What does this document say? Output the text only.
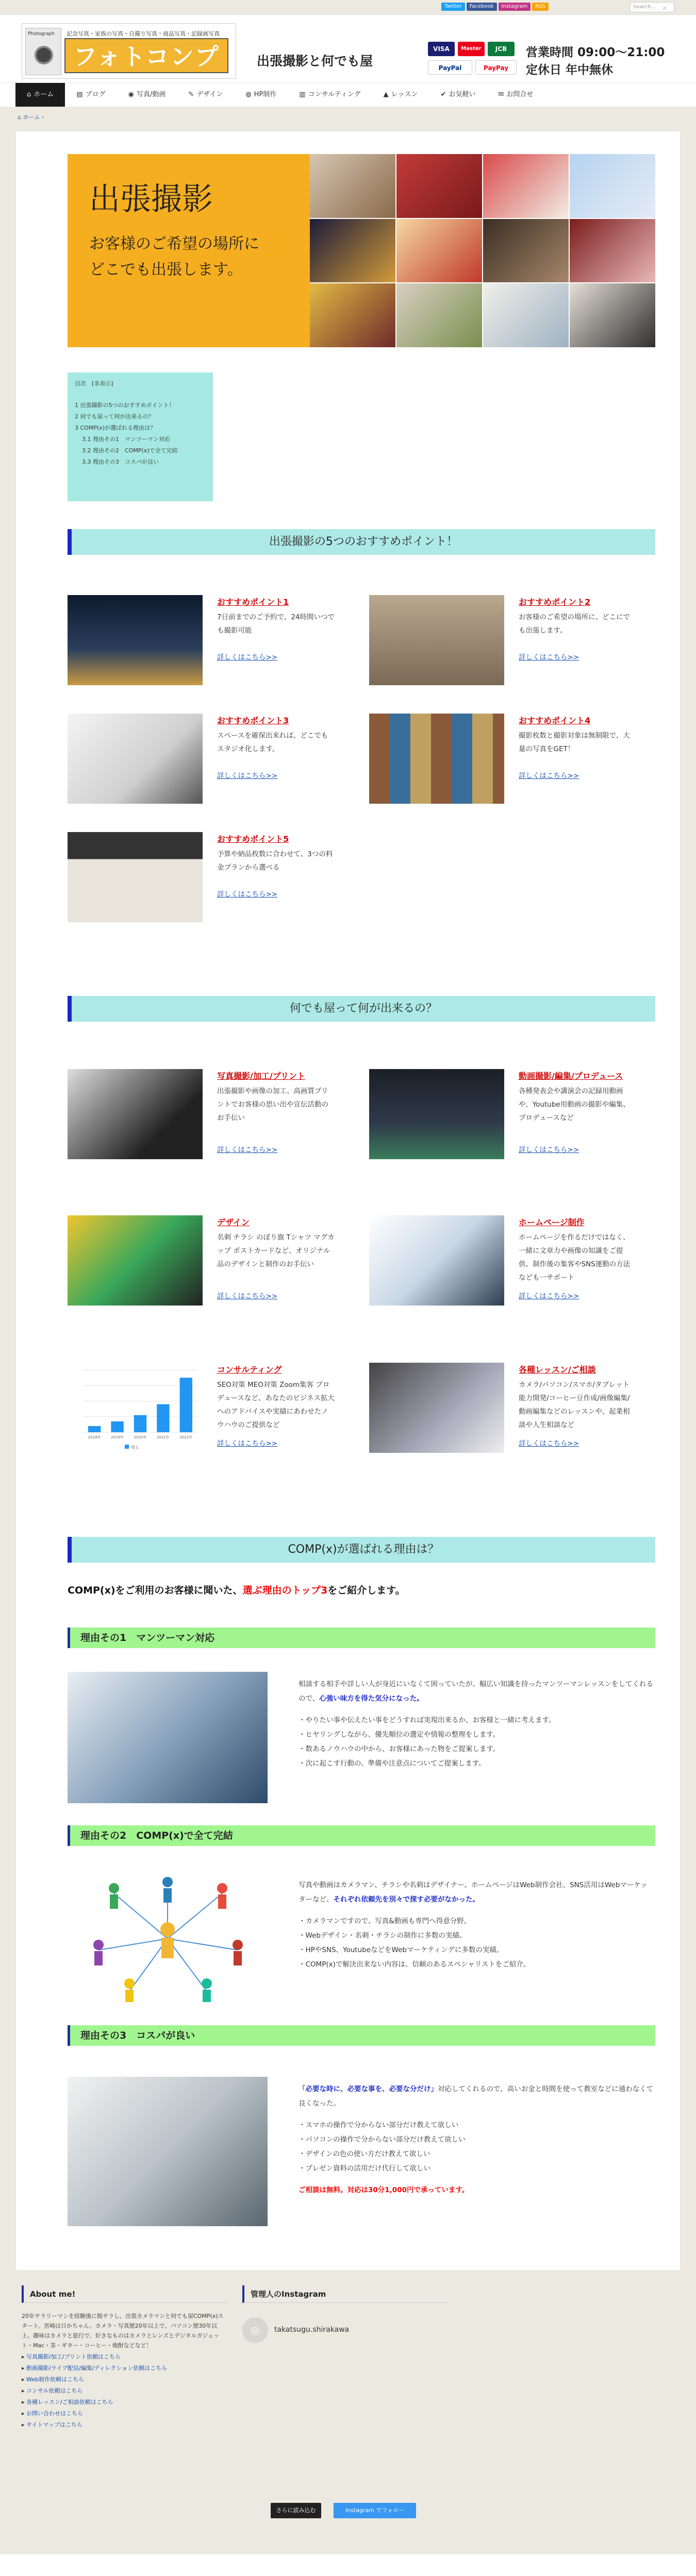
Twitter	Facebook	Instagram	RSS	Search...	⌕
Photograph 記念写真・家族の写真・自撮り写真・商品写真・記録画写真
フォトコンプ	出張撮影と何でも屋
VISA	Master	JCB
PayPal	PayPay
営業時間 09:00～21:00
定休日 年中無休
⌂ ホーム	▤ ブログ	◉ 写真/動画	✎ デザイン	◍ HP制作	▥ コンサルティング	▲ レッスン	✔ お気軽い	✉ お問合せ
⌂ ホーム ›
出張撮影
お客様のご希望の場所に
どこでも出張します。
目次　[非表示]
1 出張撮影の5つのおすすめポイント！
2 何でも屋って何が出来るの？
3 COMP(x)が選ばれる理由は？
3.1 理由その1　マンツーマン対応
3.2 理由その2　COMP(x)で全て完結
3.3 理由その3　コスパが良い
出張撮影の5つのおすすめポイント！
おすすめポイント1
7日前までのご予約で、24時間いつでも撮影可能
詳しくはこちら>>
おすすめポイント2
お客様のご希望の場所に、どこにでも出張します。
詳しくはこちら>>
おすすめポイント3
スペースを確保出来れば、どこでもスタジオ化します。
詳しくはこちら>>
おすすめポイント4
撮影枚数と撮影対象は無制限で、大量の写真をGET！
詳しくはこちら>>
おすすめポイント5
予算や納品枚数に合わせて、3つの料金プランから選べる
詳しくはこちら>>
何でも屋って何が出来るの？
写真撮影/加工/プリント
出張撮影や画像の加工、高画質プリントでお客様の思い出や宣伝活動のお手伝い
詳しくはこちら>>
動画撮影/編集/プロデュース
各種発表会や講演会の記録用動画や、Youtube用動画の撮影や編集、プロデュースなど
詳しくはこちら>>
デザイン
名刺 チラシ のぼり旗 Tシャツ マグカップ ポストカードなど、オリジナル品のデザインと制作のお手伝い
詳しくはこちら>>
ホームページ制作
ホームページを作るだけではなく、一緒に文章力や画像の知識をご提供、制作後の集客やSNS運動の方法なども一サポート
詳しくはこちら>>
2018年	2019年	2020年	2021年	2022年
売上
コンサルティング
SEO対策 MEO対策 Zoom集客 プロデュースなど、あなたのビジネス拡大へのアドバイスや実績にあわせたノウハウのご提供など
詳しくはこちら>>
各種レッスン/ご相談
カメラ/パソコン/スマホ/タブレット能力開発/コーヒー豆作成/画像編集/動画編集などのレッスンや、起業相談や人生相談など
詳しくはこちら>>
COMP(x)が選ばれる理由は？
COMP(x)をご利用のお客様に聞いた、選ぶ理由のトップ3をご紹介します。
理由その1　マンツーマン対応

相談する相手や詳しい人が身近にいなくて困っていたが、幅広い知識を持ったマンツーマンレッスンをしてくれるので、心強い味方を得た気分になった。

・やりたい事や伝えたい事をどうすれば実現出来るか、お客様と一緒に考えます。

・ヒヤリングしながら、優先順位の選定や情報の整理をします。

・数あるノウハウの中から、お客様にあった物をご提案します。

・次に起こす行動の、準備や注意点についてご提案します。

理由その2　COMP(x)で全て完結

写真や動画はカメラマン、チラシや名刺はデザイナー、ホームページはWeb制作会社、SNS活用はWebマーケッターなど、それぞれ依頼先を別々で探す必要がなかった。

・カメラマンですので、写真&動画も専門へ得意分野。

・Webデザイン・名刺・チラシの制作に多数の実績。

・HPやSNS、YoutubeなどをWebマーケティングに多数の実績。

・COMP(x)で解決出来ない内容は、信頼のあるスペシャリストをご紹介。

理由その3　コスパが良い

「必要な時に、必要な事を、必要な分だけ」対応してくれるので、高いお金と時間を使って教室などに通わなくて良くなった。

・スマホの操作で分からない部分だけ教えて欲しい

・パソコンの操作で分からない部分だけ教えて欲しい

・デザインの色の使い方だけ教えて欲しい

・プレゼン資料の活用だけ代行して欲しい

ご相談は無料。対応は30分1,000円で承っています。

About me!
20年サラリーマンを経験後に脱サラし、出張カメラマンと何でも屋COMP(x)スタート。宮崎は日かちゃん。カメラ・写真歴20年以上で、パソコン歴30年以上。趣味はカメラと旅行で、好きなものはカメラとレンズとデジタルガジェット・Mac・茶・ギター・コーヒー・焼酎などなど！
▸ 写真撮影/加工/プリント依頼はこちら
▸ 動画撮影/ライブ配信/編集/ディレクション依頼はこちら
▸ Web制作依頼はこちら
▸ コンサル依頼はこちら
▸ 各種レッスン/ご相談依頼はこちら
▸ お問い合わせはこちら
▸ サイトマップはこちら
管理人のInstagram
◎	takatsugu.shirakawa
さらに読み込む	Instagram でフォロー
